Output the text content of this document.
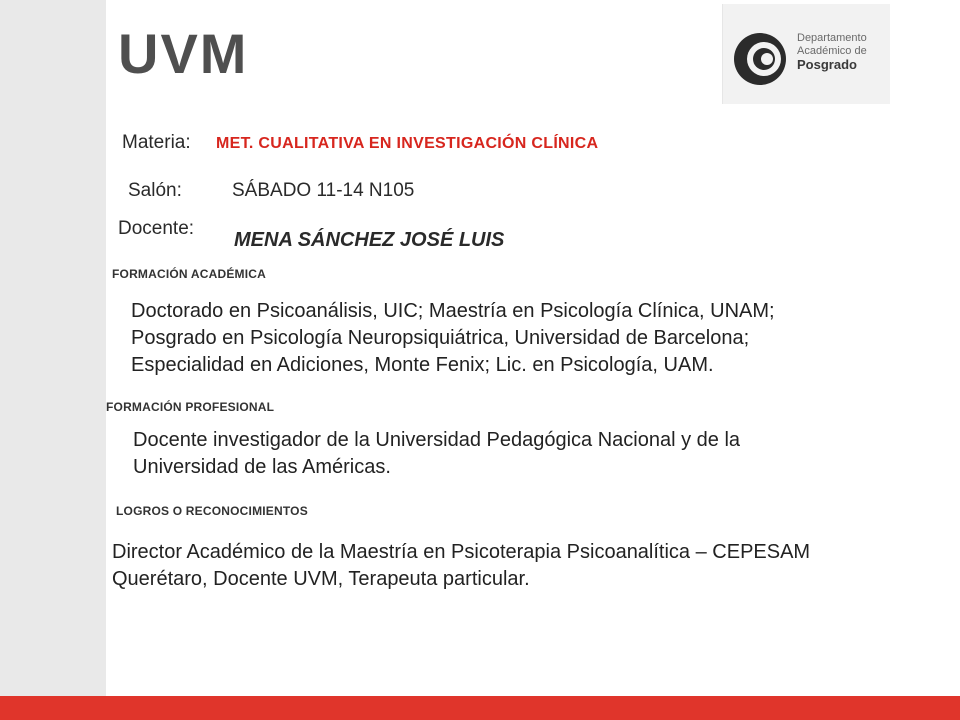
UVM	Departamento
Académico de
Posgrado
Materia: MET. CUALITATIVA EN INVESTIGACIÓN CLÍNICA
Salón:	SÁBADO 11-14 N105
Docente:
MENA SÁNCHEZ JOSÉ LUIS
FORMACIÓN ACADÉMICA
Doctorado en Psicoanálisis, UIC; Maestría en Psicología Clínica, UNAM;
Posgrado en Psicología Neuropsiquiátrica, Universidad de Barcelona;
Especialidad en Adiciones, Monte Fenix; Lic. en Psicología, UAM.
FORMACIÓN PROFESIONAL
Docente investigador de la Universidad Pedagógica Nacional y de la
Universidad de las Américas.
LOGROS O RECONOCIMIENTOS
Director Académico de la Maestría en Psicoterapia Psicoanalítica – CEPESAM
Querétaro, Docente UVM, Terapeuta particular.
